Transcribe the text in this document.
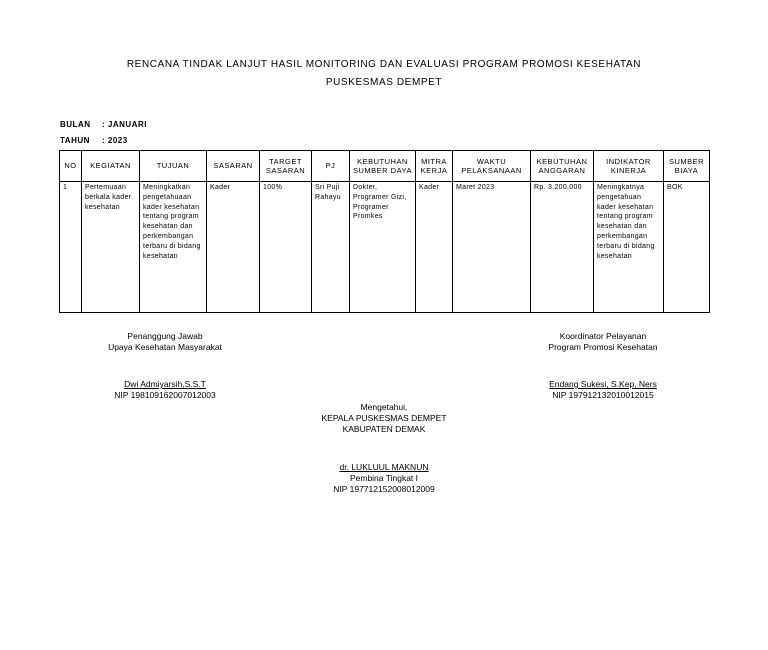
RENCANA TINDAK LANJUT HASIL MONITORING DAN EVALUASI PROGRAM PROMOSI KESEHATAN
PUSKESMAS DEMPET
BULAN : JANUARI
TAHUN : 2023
NO	KEGIATAN	TUJUAN	SASARAN	TARGET SASARAN	PJ	KEBUTUHAN SUMBER DAYA	MITRA KERJA	WAKTU PELAKSANAAN	KEBUTUHAN ANGGARAN	INDIKATOR KINERJA	SUMBER BIAYA
1	Pertemuaan berkala kader kesehatan	Meningkatkan pengetahuaan kader kesehatan tentang program kesehatan dan perkembangan terbaru di bidang kesehatan	Kader	100%	Sri Puji Rahayu	Dokter, Programer Gizi, Programer Promkes	Kader	Maret 2023	Rp. 3.200.000	Meningkatnya pengetahuan kader kesehatan tentang program kesehatan dan perkembangan terbaru di bidang kesehatan	BOK
Penanggung Jawab
Upaya Kesehatan Masyarakat
Dwi Admiyarsih,S.S.T
NIP 198109162007012003
Koordinator Pelayanan
Program Promosi Kesehatan
Endang Sukesi, S.Kep, Ners
NIP 197912132010012015
Mengetahui,
KEPALA PUSKESMAS DEMPET
KABUPATEN DEMAK
dr. LUKLUUL MAKNUN
Pembina Tingkat I
NIP 197712152008012009
